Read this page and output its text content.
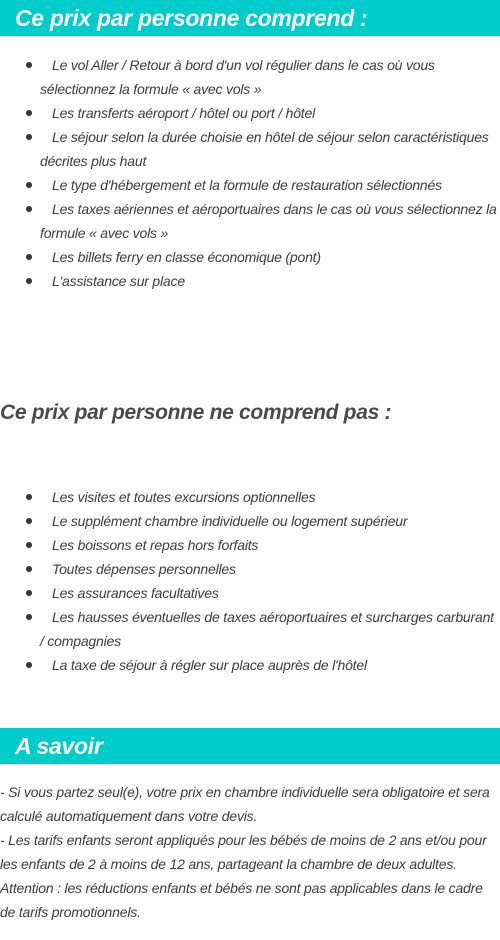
Ce prix par personne comprend :
Le vol Aller / Retour à bord d'un vol régulier dans le cas où vous sélectionnez la formule « avec vols »
Les transferts aéroport / hôtel ou port / hôtel
Le séjour selon la durée choisie en hôtel de séjour selon caractéristiques décrites plus haut
Le type d'hébergement et la formule de restauration sélectionnés
Les taxes aériennes et aéroportuaires dans le cas où vous sélectionnez la formule « avec vols »
Les billets ferry en classe économique (pont)
L'assistance sur place
Ce prix par personne ne comprend pas :
Les visites et toutes excursions optionnelles
Le supplément chambre individuelle ou logement supérieur
Les boissons et repas hors forfaits
Toutes dépenses personnelles
Les assurances facultatives
Les hausses éventuelles de taxes aéroportuaires et surcharges carburant / compagnies
La taxe de séjour à régler sur place auprès de l'hôtel
A savoir

- Si vous partez seul(e), votre prix en chambre individuelle sera obligatoire et sera calculé automatiquement dans votre devis.

- Les tarifs enfants seront appliqués pour les bébés de moins de 2 ans et/ou pour les enfants de 2 à moins de 12 ans, partageant la chambre de deux adultes.

Attention : les réductions enfants et bébés ne sont pas applicables dans le cadre de tarifs promotionnels.
